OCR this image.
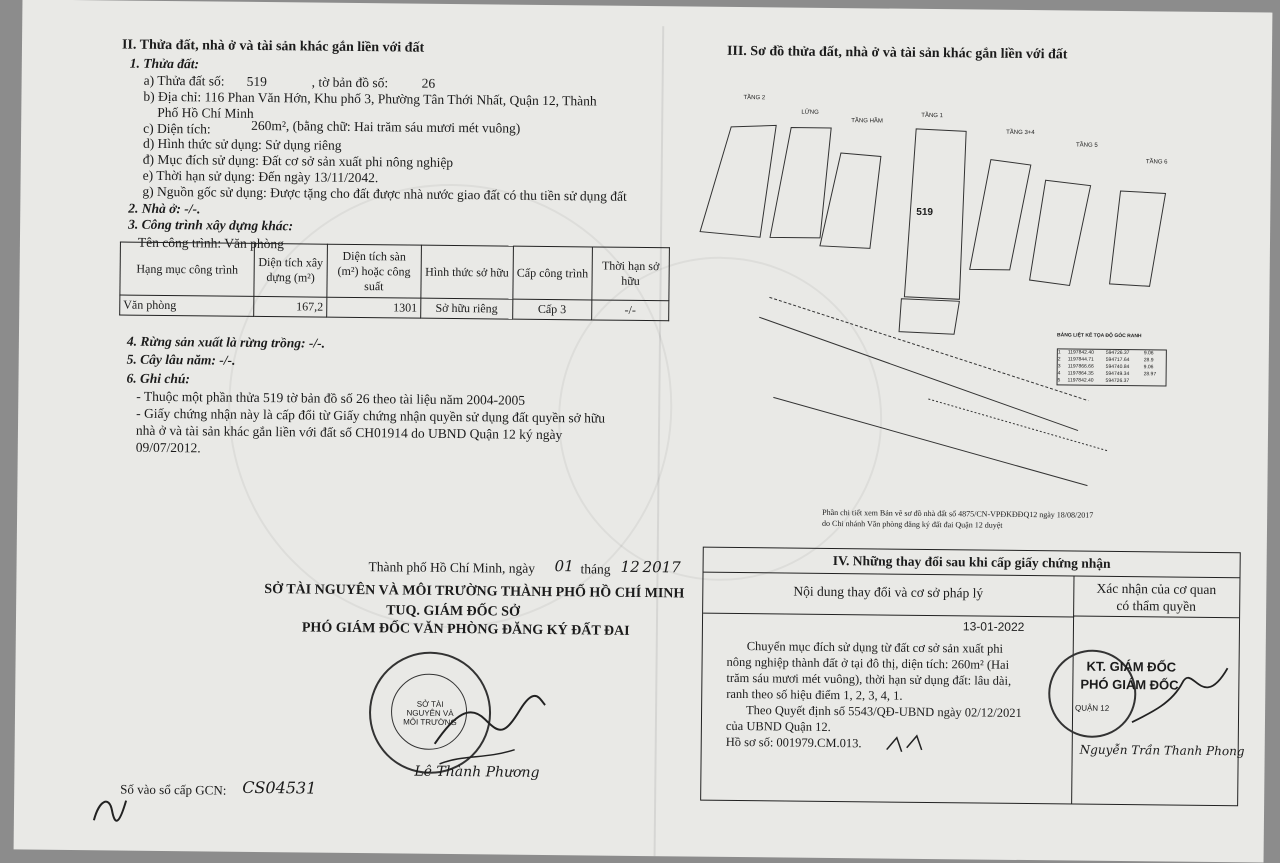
II. Thửa đất, nhà ở và tài sản khác gắn liền với đất
1. Thửa đất:
a) Thửa đất số: 519	, tờ bản đồ số: 26
b) Địa chỉ: 116 Phan Văn Hớn, Khu phố 3, Phường Tân Thới Nhất, Quận 12, Thành
Phố Hồ Chí Minh
c) Diện tích:	260m², (bằng chữ: Hai trăm sáu mươi mét vuông)
d) Hình thức sử dụng: Sử dụng riêng
đ) Mục đích sử dụng: Đất cơ sở sản xuất phi nông nghiệp
e) Thời hạn sử dụng: Đến ngày 13/11/2042.
g) Nguồn gốc sử dụng: Được tặng cho đất được nhà nước giao đất có thu tiền sử dụng đất
2. Nhà ở: -/-.
3. Công trình xây dựng khác:
Tên công trình: Văn phòng
Hạng mục công trình	Diện tích xây dựng (m²)	Diện tích sàn (m²) hoặc công suất	Hình thức sở hữu	Cấp công trình	Thời hạn sở hữu
Văn phòng	167,2	1301	Sở hữu riêng	Cấp 3	-/-
4. Rừng sản xuất là rừng trồng: -/-.
5. Cây lâu năm: -/-.
6. Ghi chú:
- Thuộc một phần thửa 519 tờ bản đồ số 26 theo tài liệu năm 2004-2005
- Giấy chứng nhận này là cấp đổi từ Giấy chứng nhận quyền sử dụng đất quyền sở hữu
nhà ở và tài sản khác gắn liền với đất số CH01914 do UBND Quận 12 ký ngày
09/07/2012.
Thành phố Hồ Chí Minh, ngày 01 tháng 12 2017
SỞ TÀI NGUYÊN VÀ MÔI TRƯỜNG THÀNH PHỐ HỒ CHÍ MINH
TUQ. GIÁM ĐỐC SỞ
PHÓ GIÁM ĐỐC VĂN PHÒNG ĐĂNG KÝ ĐẤT ĐAI
SỞ TÀI NGUYÊN VÀ MÔI TRƯỜNG
Lê Thành Phương
Số vào sổ cấp GCN: CS04531
III. Sơ đồ thửa đất, nhà ở và tài sản khác gắn liền với đất
TẦNG 2
LỬNG
TẦNG HẦM
TẦNG 1
TẦNG 3+4
TẦNG 5
TẦNG 6
519
BẢNG LIỆT KÊ TỌA ĐỘ GÓC RANH
1	1197842.40	594726.37	9.06
2	1197844.71	594717.64	28.9
3	1197866.66	594740.84	9.06
4	1197864.35	594749.34	28.97
5	1197842.40	594726.37
Phần chi tiết xem Bản vẽ sơ đồ nhà đất số 4875/CN-VPĐKĐĐQ12 ngày 18/08/2017
do Chi nhánh Văn phòng đăng ký đất đai Quận 12 duyệt
IV. Những thay đổi sau khi cấp giấy chứng nhận
Nội dung thay đổi và cơ sở pháp lý	Xác nhận của cơ quan
có thẩm quyền
13-01-2022
Chuyển mục đích sử dụng từ đất cơ sở sản xuất phi
nông nghiệp thành đất ở tại đô thị, diện tích: 260m² (Hai
trăm sáu mươi mét vuông), thời hạn sử dụng đất: lâu dài,
ranh theo số hiệu điểm 1, 2, 3, 4, 1.
Theo Quyết định số 5543/QĐ-UBND ngày 02/12/2021
của UBND Quận 12.
Hồ sơ số: 001979.CM.013.
QUẬN 12
KT. GIÁM ĐỐC
PHÓ GIÁM ĐỐC
Nguyễn Trần Thanh Phong
